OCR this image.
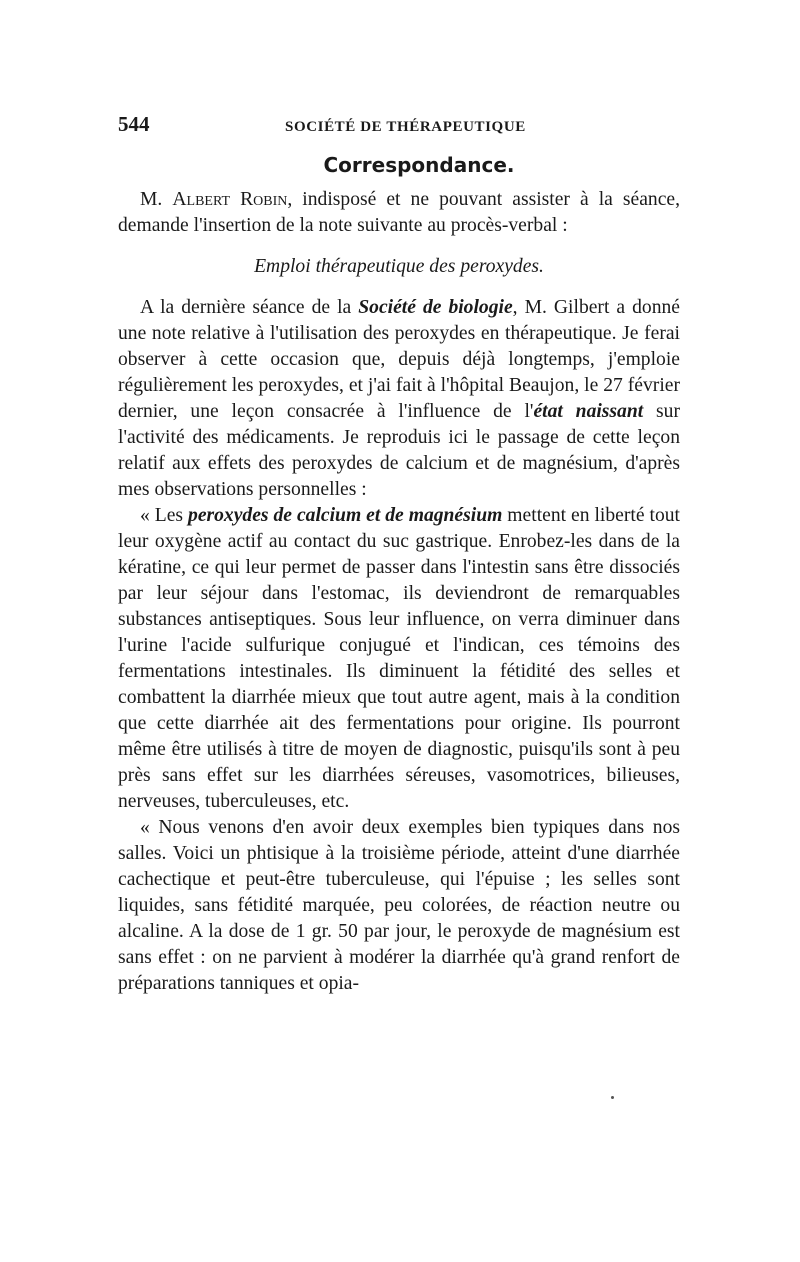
544	SOCIÉTÉ DE THÉRAPEUTIQUE
Correspondance.

M. Albert Robin, indisposé et ne pouvant assister à la séance, demande l'insertion de la note suivante au procès-verbal :

Emploi thérapeutique des peroxydes.

A la dernière séance de la Société de biologie, M. Gilbert a donné une note relative à l'utilisation des peroxydes en thérapeutique. Je ferai observer à cette occasion que, depuis déjà longtemps, j'emploie régulièrement les peroxydes, et j'ai fait à l'hôpital Beaujon, le 27 février dernier, une leçon consacrée à l'influence de l'état naissant sur l'activité des médicaments. Je reproduis ici le passage de cette leçon relatif aux effets des peroxydes de calcium et de magnésium, d'après mes observations personnelles :

« Les peroxydes de calcium et de magnésium mettent en liberté tout leur oxygène actif au contact du suc gastrique. Enrobez-les dans de la kératine, ce qui leur permet de passer dans l'intestin sans être dissociés par leur séjour dans l'estomac, ils deviendront de remarquables substances antiseptiques. Sous leur influence, on verra diminuer dans l'urine l'acide sulfurique conjugué et l'indican, ces témoins des fermentations intestinales. Ils diminuent la fétidité des selles et combattent la diarrhée mieux que tout autre agent, mais à la condition que cette diarrhée ait des fermentations pour origine. Ils pourront même être utilisés à titre de moyen de diagnostic, puisqu'ils sont à peu près sans effet sur les diarrhées séreuses, vasomotrices, bilieuses, nerveuses, tuberculeuses, etc.

« Nous venons d'en avoir deux exemples bien typiques dans nos salles. Voici un phtisique à la troisième période, atteint d'une diarrhée cachectique et peut-être tuberculeuse, qui l'épuise ; les selles sont liquides, sans fétidité marquée, peu colorées, de réaction neutre ou alcaline. A la dose de 1 gr. 50 par jour, le peroxyde de magnésium est sans effet : on ne parvient à modérer la diarrhée qu'à grand renfort de préparations tanniques et opia-
